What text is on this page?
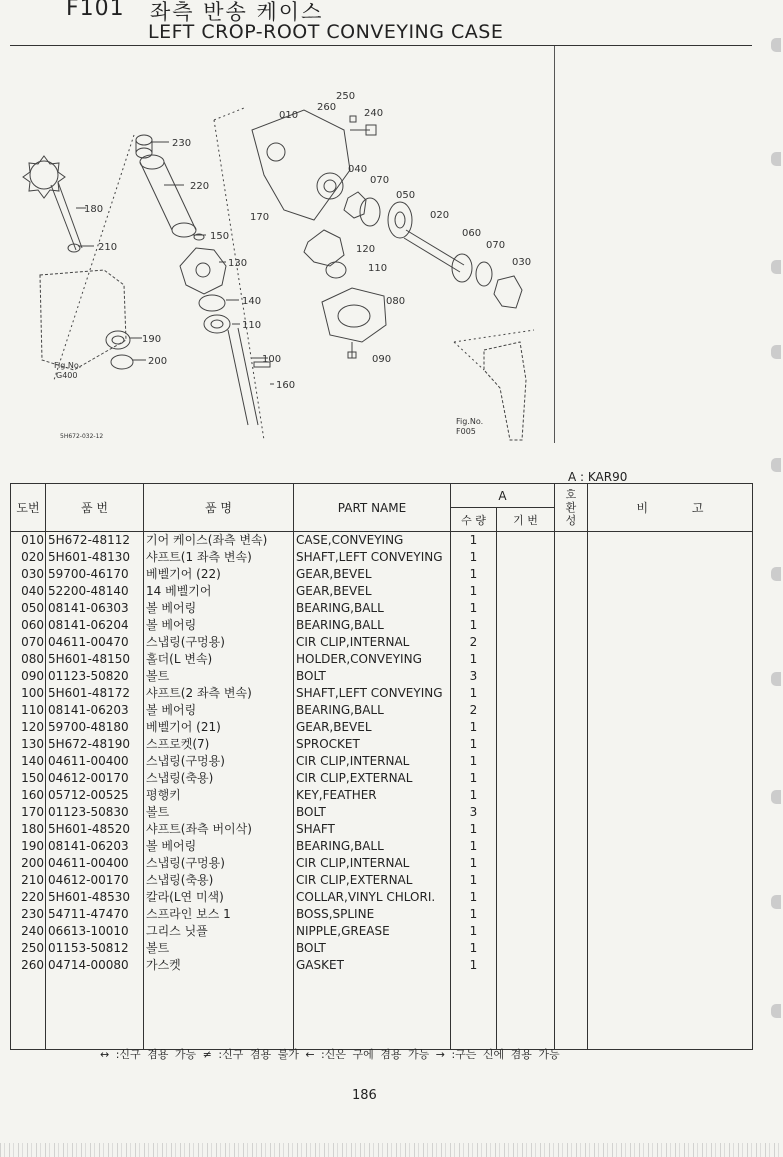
F101 좌측 반송 케이스
LEFT CROP-ROOT CONVEYING CASE
250
260
240
010
230
220
180
210
150
130
140
110
190
200	100
160
170
040
070
050
020
060
070
030
120
110
080
090
Fig.No.
G400
Fig.No.
F005
5H672-032-12
A : KAR90
도번	품 번	품 명	PART NAME	A		호환성	비 고
				수 량	기 번		
010	5H672-48112	기어 케이스(좌측 변속)	CASE,CONVEYING	1			
020	5H601-48130	샤프트(1 좌측 변속)	SHAFT,LEFT CONVEYING	1			
030	59700-46170	베벨기어 (22)	GEAR,BEVEL	1			
040	52200-48140	14 베벨기어	GEAR,BEVEL	1			
050	08141-06303	볼 베어링	BEARING,BALL	1			
060	08141-06204	볼 베어링	BEARING,BALL	1			
070	04611-00470	스냅링(구멍용)	CIR CLIP,INTERNAL	2			
080	5H601-48150	홀더(L 변속)	HOLDER,CONVEYING	1			
090	01123-50820	볼트	BOLT	3			
100	5H601-48172	샤프트(2 좌측 변속)	SHAFT,LEFT CONVEYING	1			
110	08141-06203	볼 베어링	BEARING,BALL	2			
120	59700-48180	베벨기어 (21)	GEAR,BEVEL	1			
130	5H672-48190	스프로켓(7)	SPROCKET	1			
140	04611-00400	스냅링(구멍용)	CIR CLIP,INTERNAL	1			
150	04612-00170	스냅링(축용)	CIR CLIP,EXTERNAL	1			
160	05712-00525	평행키	KEY,FEATHER	1			
170	01123-50830	볼트	BOLT	3			
180	5H601-48520	샤프트(좌측 버이삭)	SHAFT	1			
190	08141-06203	볼 베어링	BEARING,BALL	1			
200	04611-00400	스냅링(구멍용)	CIR CLIP,INTERNAL	1			
210	04612-00170	스냅링(축용)	CIR CLIP,EXTERNAL	1			
220	5H601-48530	칼라(L연 미색)	COLLAR,VINYL CHLORI.	1			
230	54711-47470	스프라인 보스 1	BOSS,SPLINE	1			
240	06613-10010	그리스 닛플	NIPPLE,GREASE	1			
250	01153-50812	볼트	BOLT	1			
260	04714-00080	가스켓	GASKET	1			

↔ :신구 겸용 가능 ≠ :신구 겸용 불가 ← :신은 구에 겸용 가능 → :구는 신에 겸용 가능
186
